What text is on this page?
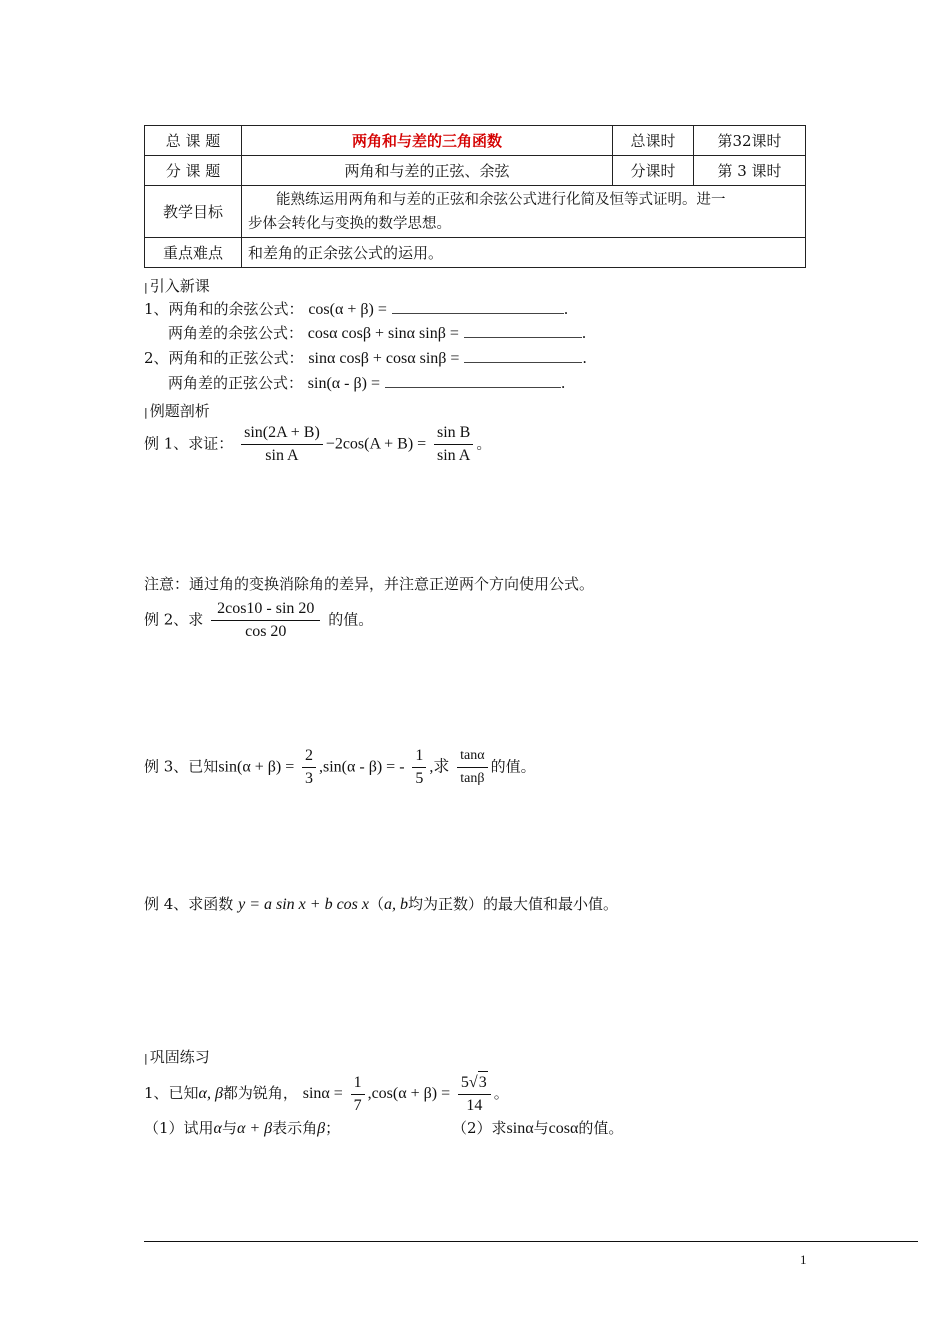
总 课 题	两角和与差的三角函数	总课时	第32课时
分 课 题	两角和与差的正弦、余弦	分课时	第 3 课时
教学目标	能熟练运用两角和与差的正弦和余弦公式进行化简及恒等式证明。进一
步体会转化与变换的数学思想。		

重点难点	和差角的正余弦公式的运用。		
| 引入新课
1、两角和的余弦公式： cos(α + β) =	.
两角差的余弦公式： cosα cosβ + sinα sinβ =	.
2、两角和的正弦公式： sinα cosβ + cosα sinβ =	.
两角差的正弦公式： sin(α - β) =	.
| 例题剖析
例 1、求证： $\frac{\sin(2A + B)}{\text{sin A}} -2\cos(A + B) = \frac{\text{sin B}}{\text{sin A}}$ 。
注意：通过角的变换消除角的差异，并注意正逆两个方向使用公式。
例 2、求 $\frac{2\cos 10 - \sin 20}{\cos 20}$ 的值。
例 3、已知$\sin(\alpha + \beta) = \frac{2}{3} ,\sin(\alpha - \beta)$ = - $\frac{1}{5}$ ,求 $\frac{\tan\alpha}{\tan\beta}$ 的值。
例 4、求函数 y = a sin x + b cos x（a, b均为正数）的最大值和最小值。
| 巩固练习
1、已知α, β都为锐角， $\sin\alpha = \frac{1}{7} ,\cos(\alpha + \beta) = \frac{5√3}{14}$ 。
（1）试用α与α + β表示角β；	（2）求sinα与cosα的值。
1
